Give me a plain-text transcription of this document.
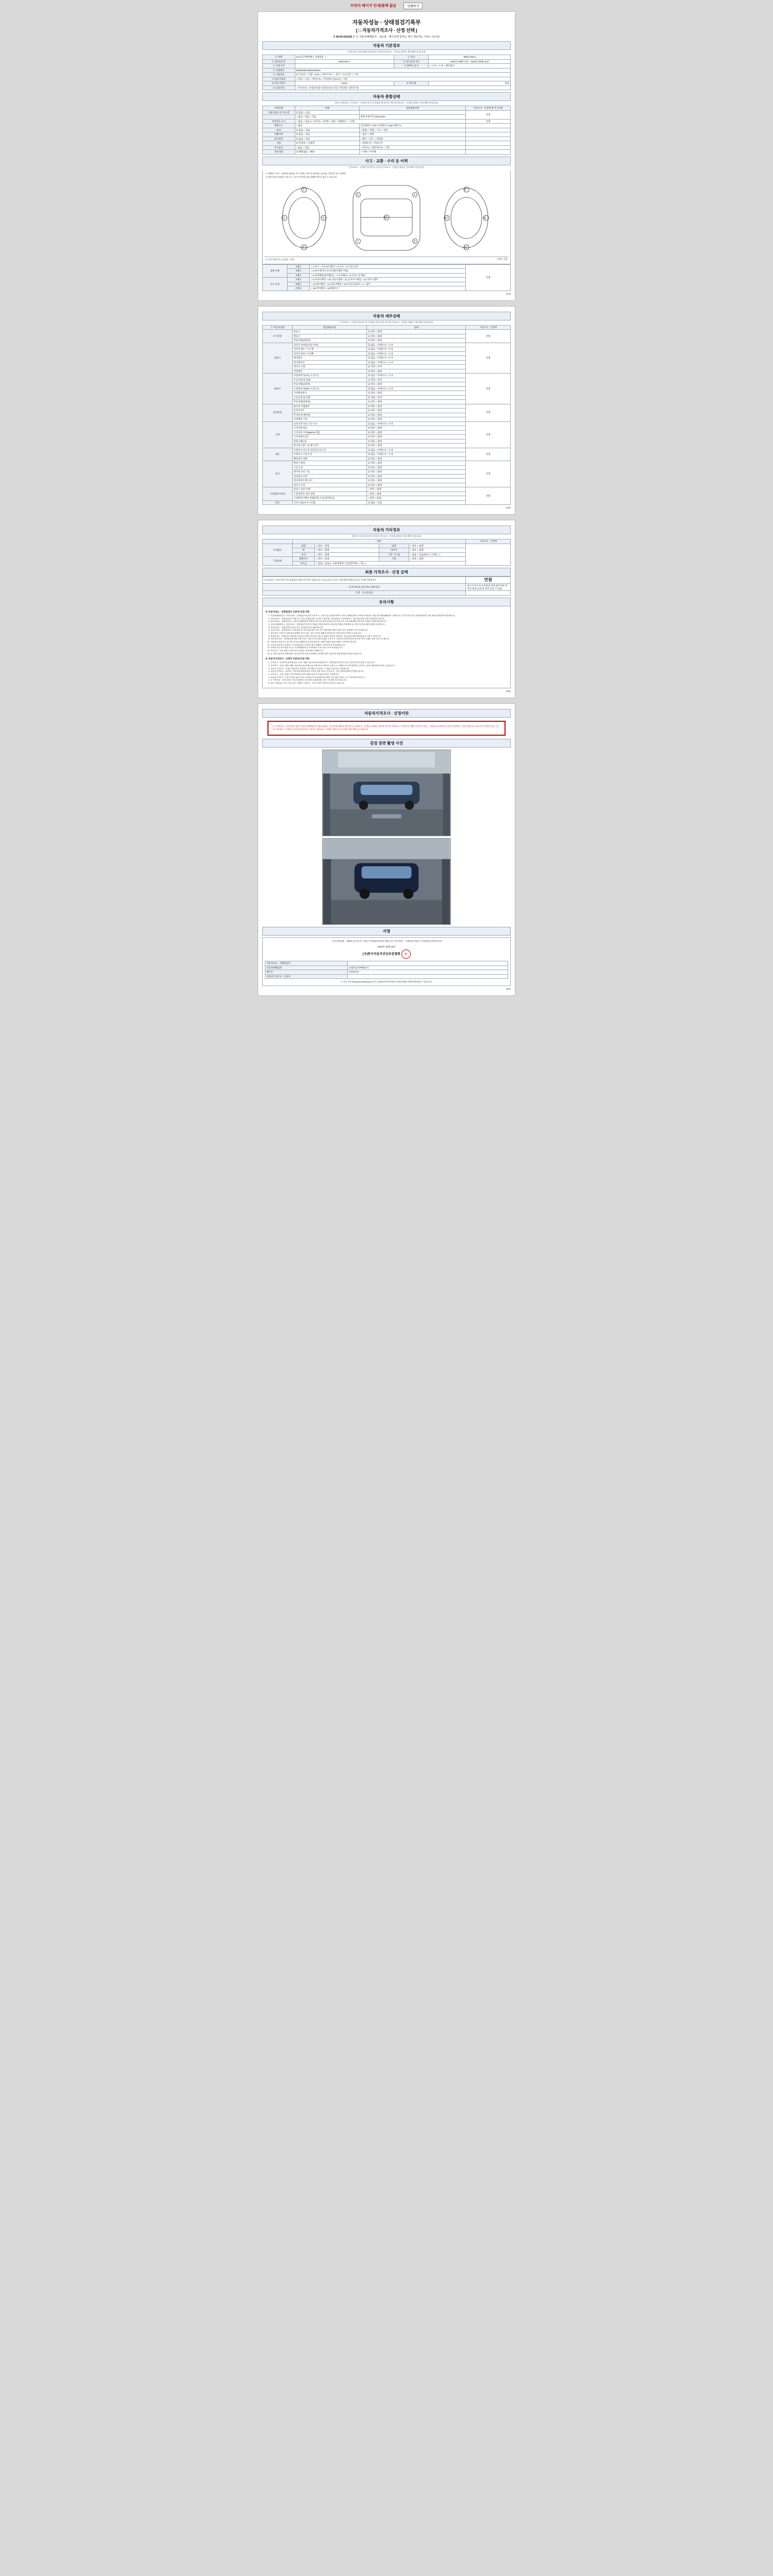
프린터 페이지 안내(블랙 없음	인쇄하기
자동차성능 · 상태점검기록부
( □ 자동차가격조사 · 산정 선택 )
제 09-00-010156 호 ※ 자동차매매업자 · 성능점 · 매수인에 원하는 경우 제공하는 서비스 입니다.
자동차 기본정보
(기록간리 기준자제표 용사만의 자동차기록조사 · 산정을 원하신 경우에만 작성니다)
① 차명	㎡1호디자예야판 ( 상세명칭 : )	② 연식	365통72013
③ 최초등록일	2023-08-17	④ 검사유효기간	2022년 09월 17일 ~ 2023년 09월 16일
⑤ 이전거리		⑥ 판매가 표시	□ 노후 □ 노후 □ 확인불가
⑦ 차대번호	KMHE851G8MH033033		
⑧ 사용연료	☑ 가솔린 □ 디젤 □ LPG □ 하이브리드 □ 전기 □ 수소연료 □ 기타		
⑨ 변속기종류	□ 자동 □ 수동 □ 세미오토 □ 무단변속기(CVT) □ 기타		
⑩ 원동기형식	G3CE	⑪ 배기량	연형
⑫ 보증유형	□ 자기보증 □ 보험사보증 보험사(보증기간) 기록간물 기준장기준		
자동차 종합상태
(주요 조유옵션, 기록조사 · 산정작 및 록기사항을 원사인의 자동차기록조사 · 산정을 원하신 경우에만 작성니다)
사용상태	상태	점검내용사항	기록조사 · 산정에 필 록기사항
수용자동차 등 특수세	☑ 없음 □ 있음		연형
	□ 없음 □ 있음 □ 적음	현재 주행거리 30,670 km	
개선연료 표시	□ 없음 □ 있음 (□ 시간게 □ 시간겐 □ 센터 □ 휠밸런스 □ 기타)		연형
배출가스	□ 없음	일산화탄소 0.04 % 탄화수소 ppm 매연 %	
튜닝	☑ 없음 □ 있음	□ 불법 □ 적법 □ 구조 □ 장치	
특별이력	☑ 없음 □ 있음	□ 침수 □ 화재	
용도변경	☑ 없음 □ 있음	□ 렌트 □ 리스 □ 영업용	
색상	☑ 무채색 □ 유채색	□ 전체도색 □ 부분도색	
주요옵션	□ 없음 □ 있음	□ 선루프 □ 내비게이션 □ 기타	
리콜대상	☑ 해당없음 □ 해당	□ 이행 □ 미이행	
사고 · 교환 · 수리 등 이력
(기록조사 · 산정작 용사만의 자동차기록조사 · 산정을 원하신 경우에만 작성니다)
※ 상태표시 부호 : X(교환), W(판금 또는 용접), C(부식), A(호화), U(요철), T(흠집), S(스크래치)
※ 하단 항목은 상태가 기준으로, 기타 자동차의 실제 상태와 차이가 있을 수 있습니다.
1
2	3
4
M
5	6
7	8
9
10	11
12
※ 사고이력(유무) : ☑ 없음 □ 있음	□ 교환 □ 있음
외판 부위	1랭크	□ 1.후드 □ 2.프론트펜더 □ 3.도어 □ 4.트렁크리드	연형
	2랭크	□ 5.라디에이터 서포트(볼트체결 부품)	
	3랭크	□ 6.쿼터패널(리어펜더) □ 7.루프패널 □ 8.사이드실 패널	
주요 골격	A랭크	□ 9.프론트패널 □ 10.크로스멤버 □ 11.인사이드패널 □ 12.사이드멤버	
	B랭크	□ 13.대시패널 □ 14.플로어패널 □ 15.트렁크플로어 □ A. 필러	
	C랭크	□ 16.리어패널 □ 18.휠하우스	
(1/4)
자동차 세부상태
(기록조사 · 산정작 용사만 록기사항을 원사인의 자동차기록조사 · 산정을 원하신 경우에만 작성니다)
③ 자동차상태	점검내용사항	상태	기록조사 · 산정액
자기진단	원동기	☑ 양호 □ 불량	연형
	변속기	☑ 양호 □ 불량	
	작동상태(공회전)	☑ 양호 □ 불량	
원동기	실린더 커버(로커암 커버)	☑ 없음 □ 미세누유 □ 누유	연형
	실린더 헤드 / 가스켓	☑ 없음 □ 미세누유 □ 누유	
	실린더 블록 / 오일팬	☑ 없음 □ 미세누유 □ 누유	
	워터펌프	☑ 없음 □ 미세누수 □ 누수	
	라디에이터	☑ 없음 □ 미세누수 □ 누수	
	냉각수 수량	☑ 적정 □ 부족	
	커먼레일	☑ 양호 □ 불량	
변속기	자동변속기(A/T) 오일누유	☑ 없음 □ 미세누유 □ 누유	연형
	오일유량 및 상태	☑ 적정 □ 부족	
	작동상태(공회전)	☑ 양호 □ 불량	
	수동변속기(M/T) 오일누유	☑ 없음 □ 미세누유 □ 누유	
	기어변속장치	☑ 양호 □ 불량	
	오일유량 및 상태	☑ 적정 □ 부족	
	작동상태(공회전)	☑ 양호 □ 불량	
동력전달	클러치 어셈블리	☑ 양호 □ 불량	연형
	등속죠인트	☑ 양호 □ 불량	
	추진축 및 베어링	☑ 양호 □ 불량	
	디퍼렌셜 기어	☑ 양호 □ 불량	
조향	동력조향 작동 오일 누유	☑ 없음 □ 미세누유 □ 누유	연형
	스티어링 펌프	☑ 양호 □ 불량	
	스티어링 기어(MDPS포함)	☑ 양호 □ 불량	
	스티어링조인트	☑ 양호 □ 불량	
	파워크랭크암	☑ 양호 □ 불량	
	타이로드엔드 및 볼조인트	☑ 양호 □ 불량	
제동	브레이크 마스터 실린더오일 누유	☑ 없음 □ 미세누유 □ 누유	연형
	브레이크 오일 누유	☑ 없음 □ 미세누유 □ 누유	
	배력장치 상태	☑ 양호 □ 불량	
전기	발전기 출력	☑ 양호 □ 불량	연형
	시동 모터	☑ 양호 □ 불량	
	와이퍼 모터 기능	☑ 양호 □ 불량	
	실내송풍 모터	☑ 양호 □ 불량	
	라디에이터 팬 모터	☑ 양호 □ 불량	
	윈도우 모터	☑ 양호 □ 불량	
고전원전기장치	충전구 절연 상태	□ 양호 □ 불량	연형
	구동축전지 격리 상태	□ 양호 □ 불량	
	고전원전기배선 상태(피복,손상,절연체 등)	□ 양호 □ 불량	
연료	연료누출(LP가스포함)	☑ 없음 □ 있음	
(2/4)
자동차 기타정보
(매 록기사항 용사안의 자동차기록조사 · 산정을 원하신 경우에만 작성니다)
	항목				기록조사 · 산정액
수리필요	외장	□ 양호 □ 불량	내장	□ 양호 □ 불량	
	휠	□ 양호 □ 불량	타이어	□ 양호 □ 불량	
	유리	□ 양호 □ 불량	기본 시스템	□ 없음 □ 있음(좌우:□ / 좌측:□ )	
기본품목	방향지시	□ 양호 □ 불량	기타	□ 양호 □ 불량	
	보조금	□ 없음 □ 있음 (□ 사용설명서□ 안전삼각대□ □ 잭□ )			
최종 가격조사 · 산정 금액
(※기록조사 · 산정가격은 성능점검장의 차량가격기록을 성립신고문 □가(○)□까지 □물수□ 대차적용자산양경기준금 가격을 적용한경우	만원
특가사항 및 참고자료 설명사항	중고차 특수상 부품변경 만원,클러치와 견인비 변경 등에 및 위의 있을 수 있음.
가격 · 조사산정자	
유의사항
※ 자동차성능 · 상태점검자 부분에 안내 사항
1. 자동차매매업자는 자동차성능 · 상태점검기록부의 기록조사 · 산정 부분 원칙에 의하여 자동차 매매업자에 고객정보 제공하고 매수인의 ID(LMS)에서 기재단 및 고지 및 안내 부분 설명에 의하여 설명 판단을 확인하여 제공합니다.
2. 자동차성능 · 상태점검자가 직접 또는 성능 상태점검을 실시하는 경우에는 성능점검자 소속단체 또는 성능점검 관련 등에 가입하여야 합니다.
3. 자동차성능 · 상태점검자는 자동차 매매업자의 책임 있으며 성능상태 정보와 부득이한 경우 성능상태 해당 성능점검 이행을 기재하여야 합니다.
4. 자동차매매업자는 자동차성능 · 상태점검기록부의 기재된 사항에 대하여 성능점검 책임을 부담하며 동 점검기록부를 매수인에게 교부합니다.
5. 자동차성능 · 상태점검의 유효기간은 점검일로부터 120일입니다.
6. 자동차성능 · 상태점검자는 성능점검 및 성능상태 대한 보증 기간 내에 해당 내용이 있을 경우 보험에서 보상 처리합니다.
7. 성능점검 기록부상 실제 성능상태와 차이가 있는 경우 소비자 피해 및 분쟁조정 기준에 따라 처리할 수 있습니다.
8. 자동차성능 · 상태점검 기록부의 유효기간 내에 자동차의 성능 및 상태가 변동된 경우에는 성능점검자에게 재점검을 요구할 수 있습니다.
9. 자동차의 성능 · 상태점검에 대한 보증기간은 자동차 인도일부터 30일 이상 또는 주행거리 2천킬로미터 이상 중 먼저 도래한 것을 기준으로 합니다.
10. 사용연료 관련 표시 및 기타 자동차 매매업자 및 성능점검자는 해당 내용을 매수인에게 고지하여야 합니다.
11. 자동차 성능점검 기록부는 자동차관리법 시행규칙 별지 제82호 서식에 따라 작성되었습니다.
12. 특별이력 및 용도변경 표시는 보험개발원의 사고이력정보 등을 기준으로 작성되었습니다.
13. 가격조사 · 산정 내용은 매수인이 요청하는 경우에만 기재합니다.
14. 본 점검기록부의 기재내용은 점검 당시의 자동차 상태를 나타내며 향후 자동차의 상태 변화를 보증하지 않습니다.
※ 자동차가격조사 · 산정자 부분에 안내 사항
1. 가격조사 · 산정자의 판단에 따른 것으로 해당 자동차의 실제 판매가격 · 상태점검기록부의 기준 가격과 차이가 있을 수 있습니다.
2. 가격조사 · 산정 금액은 해당 자동차의 성능상태 등을 종합적으로 판단한 금액으로, 거래당사자 간의 합의된 금액 또는 실제 거래금액과 다를 수 있습니다.
3. 자동차 가격조사 · 산정은 매수인이 요청하는 경우에만 실시하며, 그 비용은 매수인이 부담합니다.
4. 자동차가격조사 · 산정자는 자동차관리법에 따른 자격을 갖춘 자로서 가격조사 · 산정 결과에 대하여 책임을 집니다.
5. 가격조사 · 산정 금액은 부가가치세 및 각종 제세공과금이 포함되지 않은 금액입니다.
6. 자동차가격조사 · 산정 기록의 유효기간은 산정일로부터 120일이며, 해당 기간 경과 후에는 다시 산정하여야 합니다.
7. 본 가격조사 · 산정 결과는 자동차 매매 시 참고자료로 활용되며, 법적 구속력을 갖지 않습니다.
8. 특수 사항(침수, 전손 등)이 있는 차량은 가격조사 · 산정 금액이 현저히 달라질 수 있습니다.
(3/4)
자동차가격조사 · 산정이란
※ '가격조사 · 산정'이라 함은 자동차 매매업자가 매도하려는 자동차에 대하여 매수인이 가격조사 · 산정을 의뢰한 경우에 자동차가격조사 · 산정자가 해당 자동차의 성능 · 상태를 조사하여 가격을 산정하는 것을 말합니다. 매수인이 원하지 않는 경우 가격조사 · 산정을 실시하지 않으며, 자동차 가격조사 · 산정은 매수인이 요청한 경우에만 실시합니다.
검검 장면 촬영 사진
서명
「자동차관리법」 제58조 및 같은 법 시행규칙 제120조에 따라 위와 같이 자동차성능 · 상태점검 내용을 고지하였음을 확인합니다.
2023년 10월 18일
(사)한국자동차진단보증협회 印
자동차성능 · 상태점검자	
자동차매매업자	보광자동차매매상사
매수인	(인)홍길동
자동차가격조사 · 산정자	
※ 자신 자동차24(www.car365.go.kr) 또는 (사)한국자동차진단보증협회 홈페이지에서 확인하실 수 있습니다.
(4/4)
